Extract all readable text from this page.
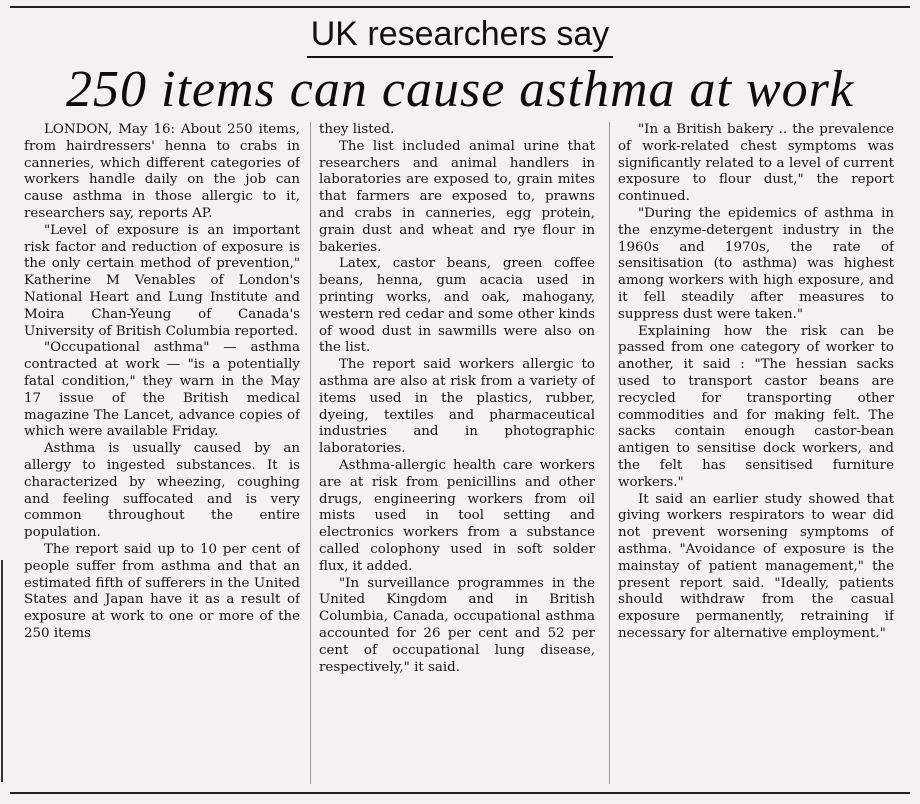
UK researchers say
250 items can cause asthma at work

LONDON, May 16: About 250 items, from hairdressers' henna to crabs in canneries, which different categories of workers handle daily on the job can cause asthma in those allergic to it, researchers say, reports AP.

"Level of exposure is an important risk factor and reduction of exposure is the only certain method of prevention," Katherine M Venables of London's National Heart and Lung Institute and Moira Chan-Yeung of Canada's University of British Columbia reported.

"Occupational asthma" — asthma contracted at work — "is a potentially fatal condition," they warn in the May 17 issue of the British medical magazine The Lancet, advance copies of which were available Friday.

Asthma is usually caused by an allergy to ingested substances. It is characterized by wheezing, coughing and feeling suffocated and is very common throughout the entire population.

The report said up to 10 per cent of people suffer from asthma and that an estimated fifth of sufferers in the United States and Japan have it as a result of exposure at work to one or more of the 250 items

they listed.

The list included animal urine that researchers and animal handlers in laboratories are exposed to, grain mites that farmers are exposed to, prawns and crabs in canneries, egg protein, grain dust and wheat and rye flour in bakeries.

Latex, castor beans, green coffee beans, henna, gum acacia used in printing works, and oak, mahogany, western red cedar and some other kinds of wood dust in sawmills were also on the list.

The report said workers allergic to asthma are also at risk from a variety of items used in the plastics, rubber, dyeing, textiles and pharmaceutical industries and in photographic laboratories.

Asthma-allergic health care workers are at risk from penicillins and other drugs, engineering workers from oil mists used in tool setting and electronics workers from a substance called colophony used in soft solder flux, it added.

"In surveillance programmes in the United Kingdom and in British Columbia, Canada, occupational asthma accounted for 26 per cent and 52 per cent of occupational lung disease, respectively," it said.

"In a British bakery .. the prevalence of work-related chest symptoms was significantly related to a level of current exposure to flour dust," the report continued.

"During the epidemics of asthma in the enzyme-detergent industry in the 1960s and 1970s, the rate of sensitisation (to asthma) was highest among workers with high exposure, and it fell steadily after measures to suppress dust were taken."

Explaining how the risk can be passed from one category of worker to another, it said : "The hessian sacks used to transport castor beans are recycled for transporting other commodities and for making felt. The sacks contain enough castor-bean antigen to sensitise dock workers, and the felt has sensitised furniture workers."

It said an earlier study showed that giving workers respirators to wear did not prevent worsening symptoms of asthma. "Avoidance of exposure is the mainstay of patient management," the present report said. "Ideally, patients should withdraw from the casual exposure permanently, retraining if necessary for alternative employment."
